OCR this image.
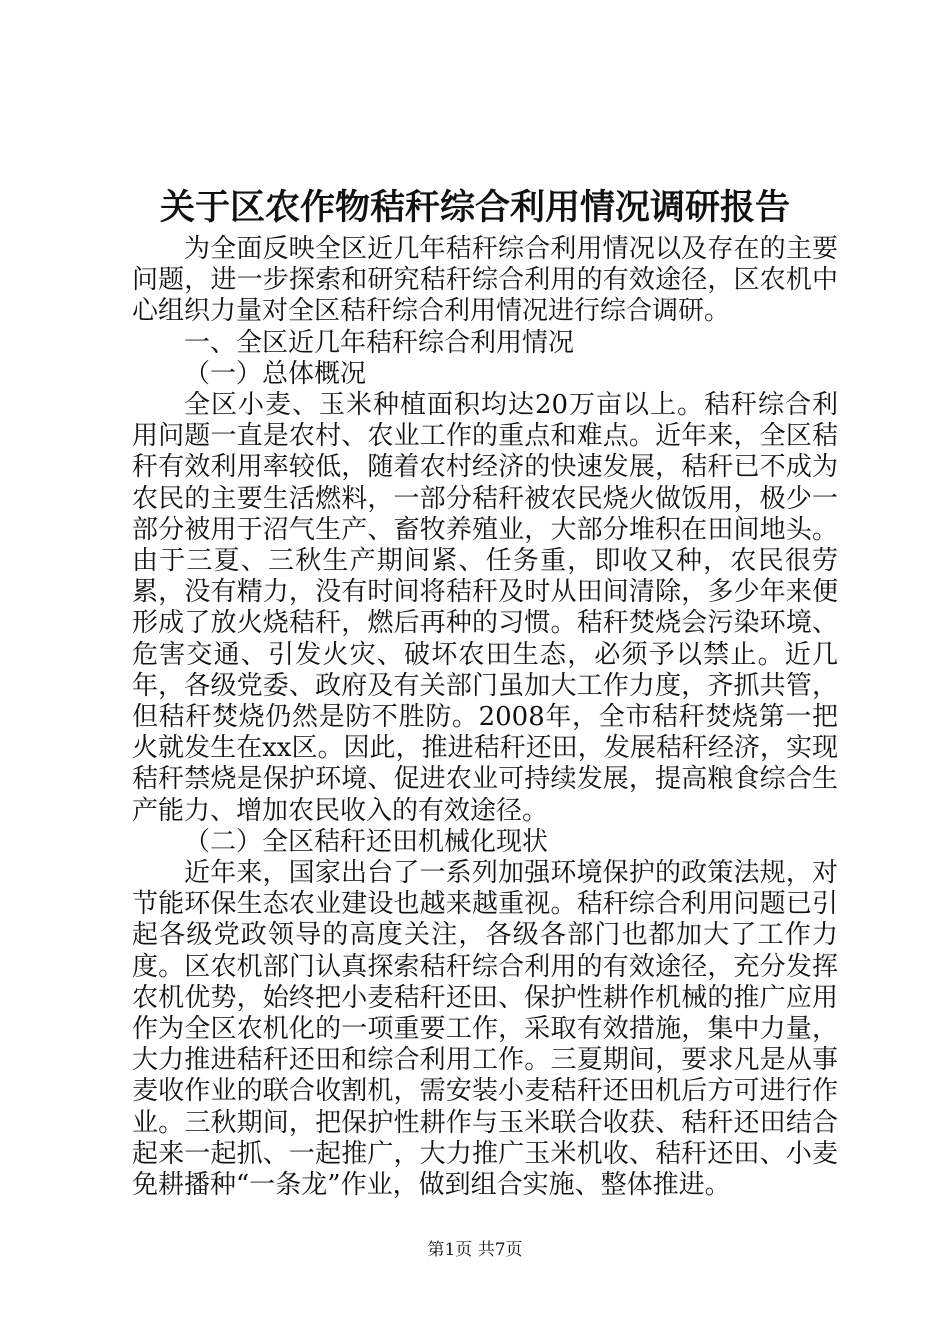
关于区农作物秸秆综合利用情况调研报告

为全面反映全区近几年秸秆综合利用情况以及存在的主要问题，进一步探索和研究秸秆综合利用的有效途径，区农机中心组织力量对全区秸秆综合利用情况进行综合调研。

一、全区近几年秸秆综合利用情况

（一）总体概况

全区小麦、玉米种植面积均达20万亩以上。秸秆综合利用问题一直是农村、农业工作的重点和难点。近年来，全区秸秆有效利用率较低，随着农村经济的快速发展，秸秆已不成为农民的主要生活燃料，一部分秸秆被农民烧火做饭用，极少一部分被用于沼气生产、畜牧养殖业，大部分堆积在田间地头。由于三夏、三秋生产期间紧、任务重，即收又种，农民很劳累，没有精力，没有时间将秸秆及时从田间清除，多少年来便形成了放火烧秸秆，燃后再种的习惯。秸秆焚烧会污染环境、危害交通、引发火灾、破坏农田生态，必须予以禁止。近几年，各级党委、政府及有关部门虽加大工作力度，齐抓共管，但秸秆焚烧仍然是防不胜防。2008年，全市秸秆焚烧第一把火就发生在xx区。因此，推进秸秆还田，发展秸秆经济，实现秸秆禁烧是保护环境、促进农业可持续发展，提高粮食综合生产能力、增加农民收入的有效途径。

（二）全区秸秆还田机械化现状

近年来，国家出台了一系列加强环境保护的政策法规，对节能环保生态农业建设也越来越重视。秸秆综合利用问题已引起各级党政领导的高度关注，各级各部门也都加大了工作力度。区农机部门认真探索秸秆综合利用的有效途径，充分发挥农机优势，始终把小麦秸秆还田、保护性耕作机械的推广应用作为全区农机化的一项重要工作，采取有效措施，集中力量，大力推进秸秆还田和综合利用工作。三夏期间，要求凡是从事麦收作业的联合收割机，需安装小麦秸秆还田机后方可进行作业。三秋期间，把保护性耕作与玉米联合收获、秸秆还田结合起来一起抓、一起推广，大力推广玉米机收、秸秆还田、小麦免耕播种“一条龙”作业，做到组合实施、整体推进。

第1页 共7页
